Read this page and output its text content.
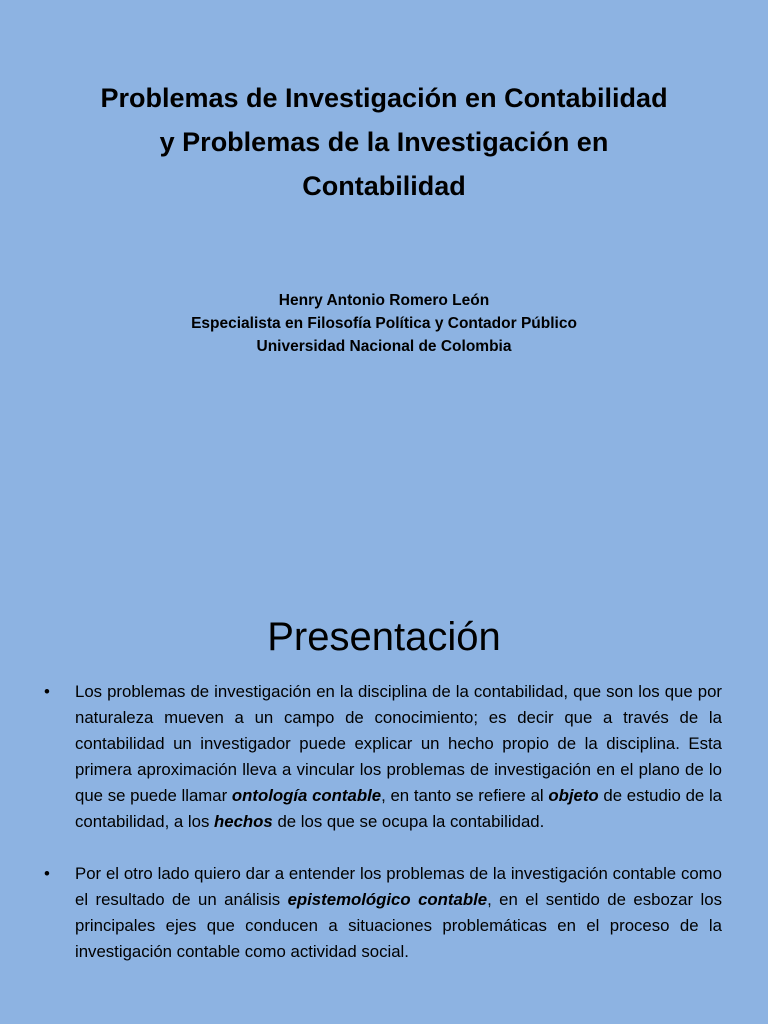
Problemas de Investigación en Contabilidad
y Problemas de la Investigación en
Contabilidad
Henry Antonio Romero León
Especialista en Filosofía Política y Contador Público
Universidad Nacional de Colombia
Presentación
• Los problemas de investigación en la disciplina de la contabilidad, que son los que por naturaleza mueven a un campo de conocimiento; es decir que a través de la contabilidad un investigador puede explicar un hecho propio de la disciplina. Esta primera aproximación lleva a vincular los problemas de investigación en el plano de lo que se puede llamar ontología contable, en tanto se refiere al objeto de estudio de la contabilidad, a los hechos de los que se ocupa la contabilidad.
• Por el otro lado quiero dar a entender los problemas de la investigación contable como el resultado de un análisis epistemológico contable, en el sentido de esbozar los principales ejes que conducen a situaciones problemáticas en el proceso de la investigación contable como actividad social.
